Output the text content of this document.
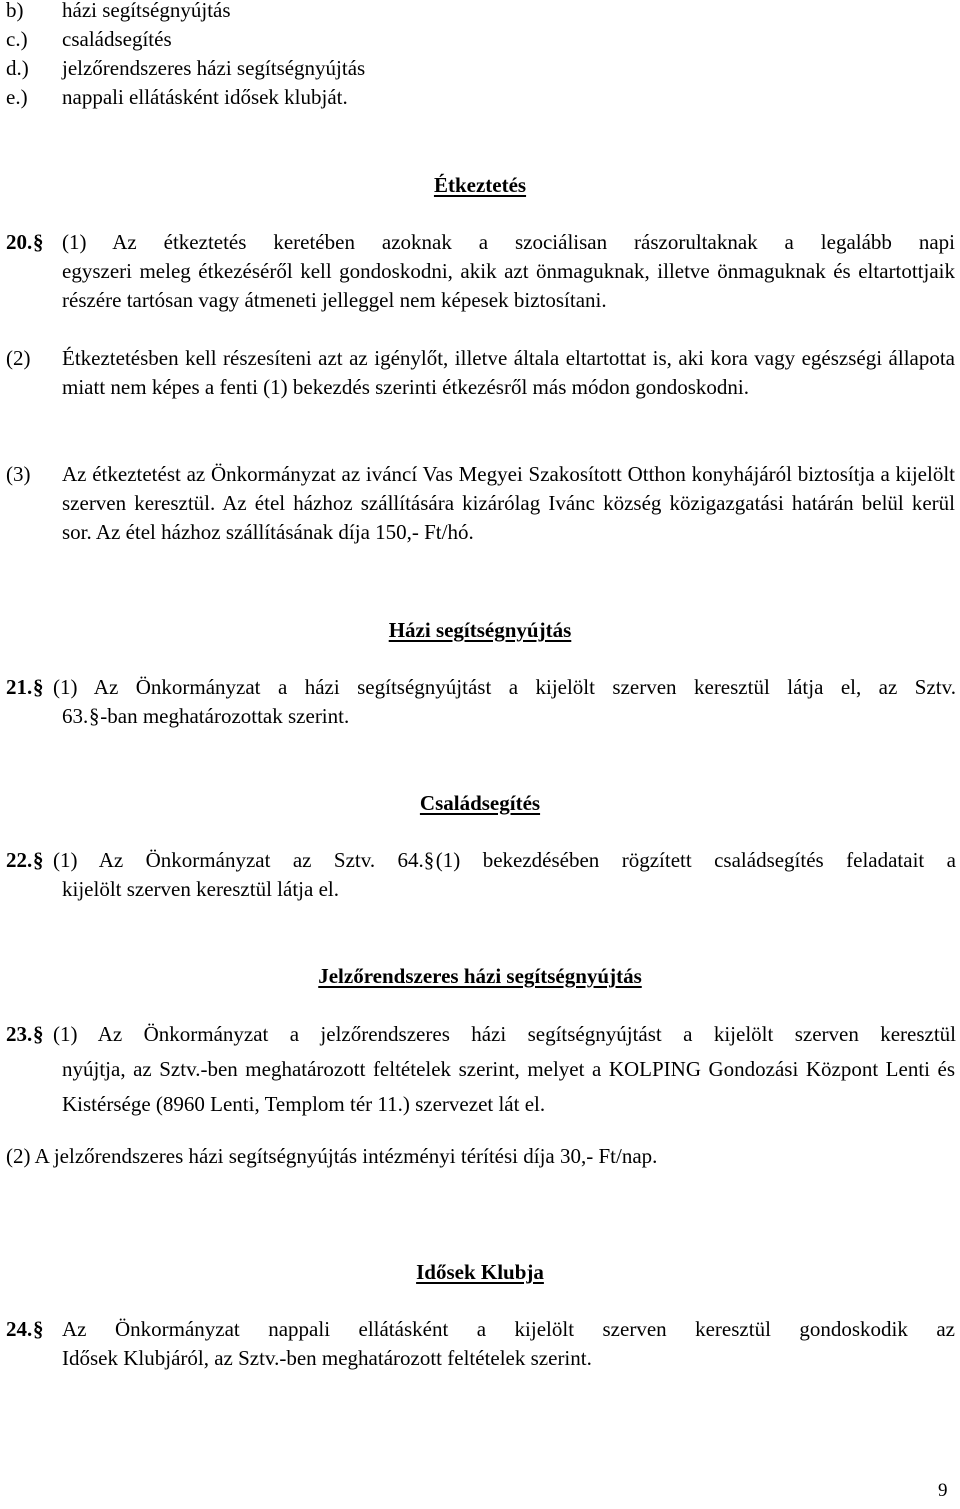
b) házi segítségnyújtás
c.) családsegítés
d.) jelzőrendszeres házi segítségnyújtás
e.) nappali ellátásként idősek klubját.
Étkeztetés
20.§ (1) Az étkeztetés keretében azoknak a szociálisan rászorultaknak a legalább napi
egyszeri meleg étkezéséről kell gondoskodni, akik azt önmaguknak, illetve önmaguknak és eltartottjaik részére tartósan vagy átmeneti jelleggel nem képesek biztosítani.
(2) Étkeztetésben kell részesíteni azt az igénylőt, illetve általa eltartottat is, aki kora vagy egészségi állapota miatt nem képes a fenti (1) bekezdés szerinti étkezésről más módon gondoskodni.
(3) Az étkeztetést az Önkormányzat az iváncí Vas Megyei Szakosított Otthon konyhájáról biztosítja a kijelölt szerven keresztül. Az étel házhoz szállítására kizárólag Ivánc község közigazgatási határán belül kerül sor. Az étel házhoz szállításának díja 150,- Ft/hó.
Házi segítségnyújtás
21.§ (1) Az Önkormányzat a házi segítségnyújtást a kijelölt szerven keresztül látja el, az Sztv.
63.§-ban meghatározottak szerint.
Családsegítés
22.§ (1) Az Önkormányzat az Sztv. 64.§(1) bekezdésében rögzített családsegítés feladatait a
kijelölt szerven keresztül látja el.
Jelzőrendszeres házi segítségnyújtás
23.§ (1) Az Önkormányzat a jelzőrendszeres házi segítségnyújtást a kijelölt szerven keresztül
nyújtja, az Sztv.-ben meghatározott feltételek szerint, melyet a KOLPING Gondozási Központ Lenti és Kistérsége (8960 Lenti, Templom tér 11.) szervezet lát el.
(2) A jelzőrendszeres házi segítségnyújtás intézményi térítési díja 30,- Ft/nap.
Idősek Klubja
24.§ Az Önkormányzat nappali ellátásként a kijelölt szerven keresztül gondoskodik az
Idősek Klubjáról, az Sztv.-ben meghatározott feltételek szerint.
9
